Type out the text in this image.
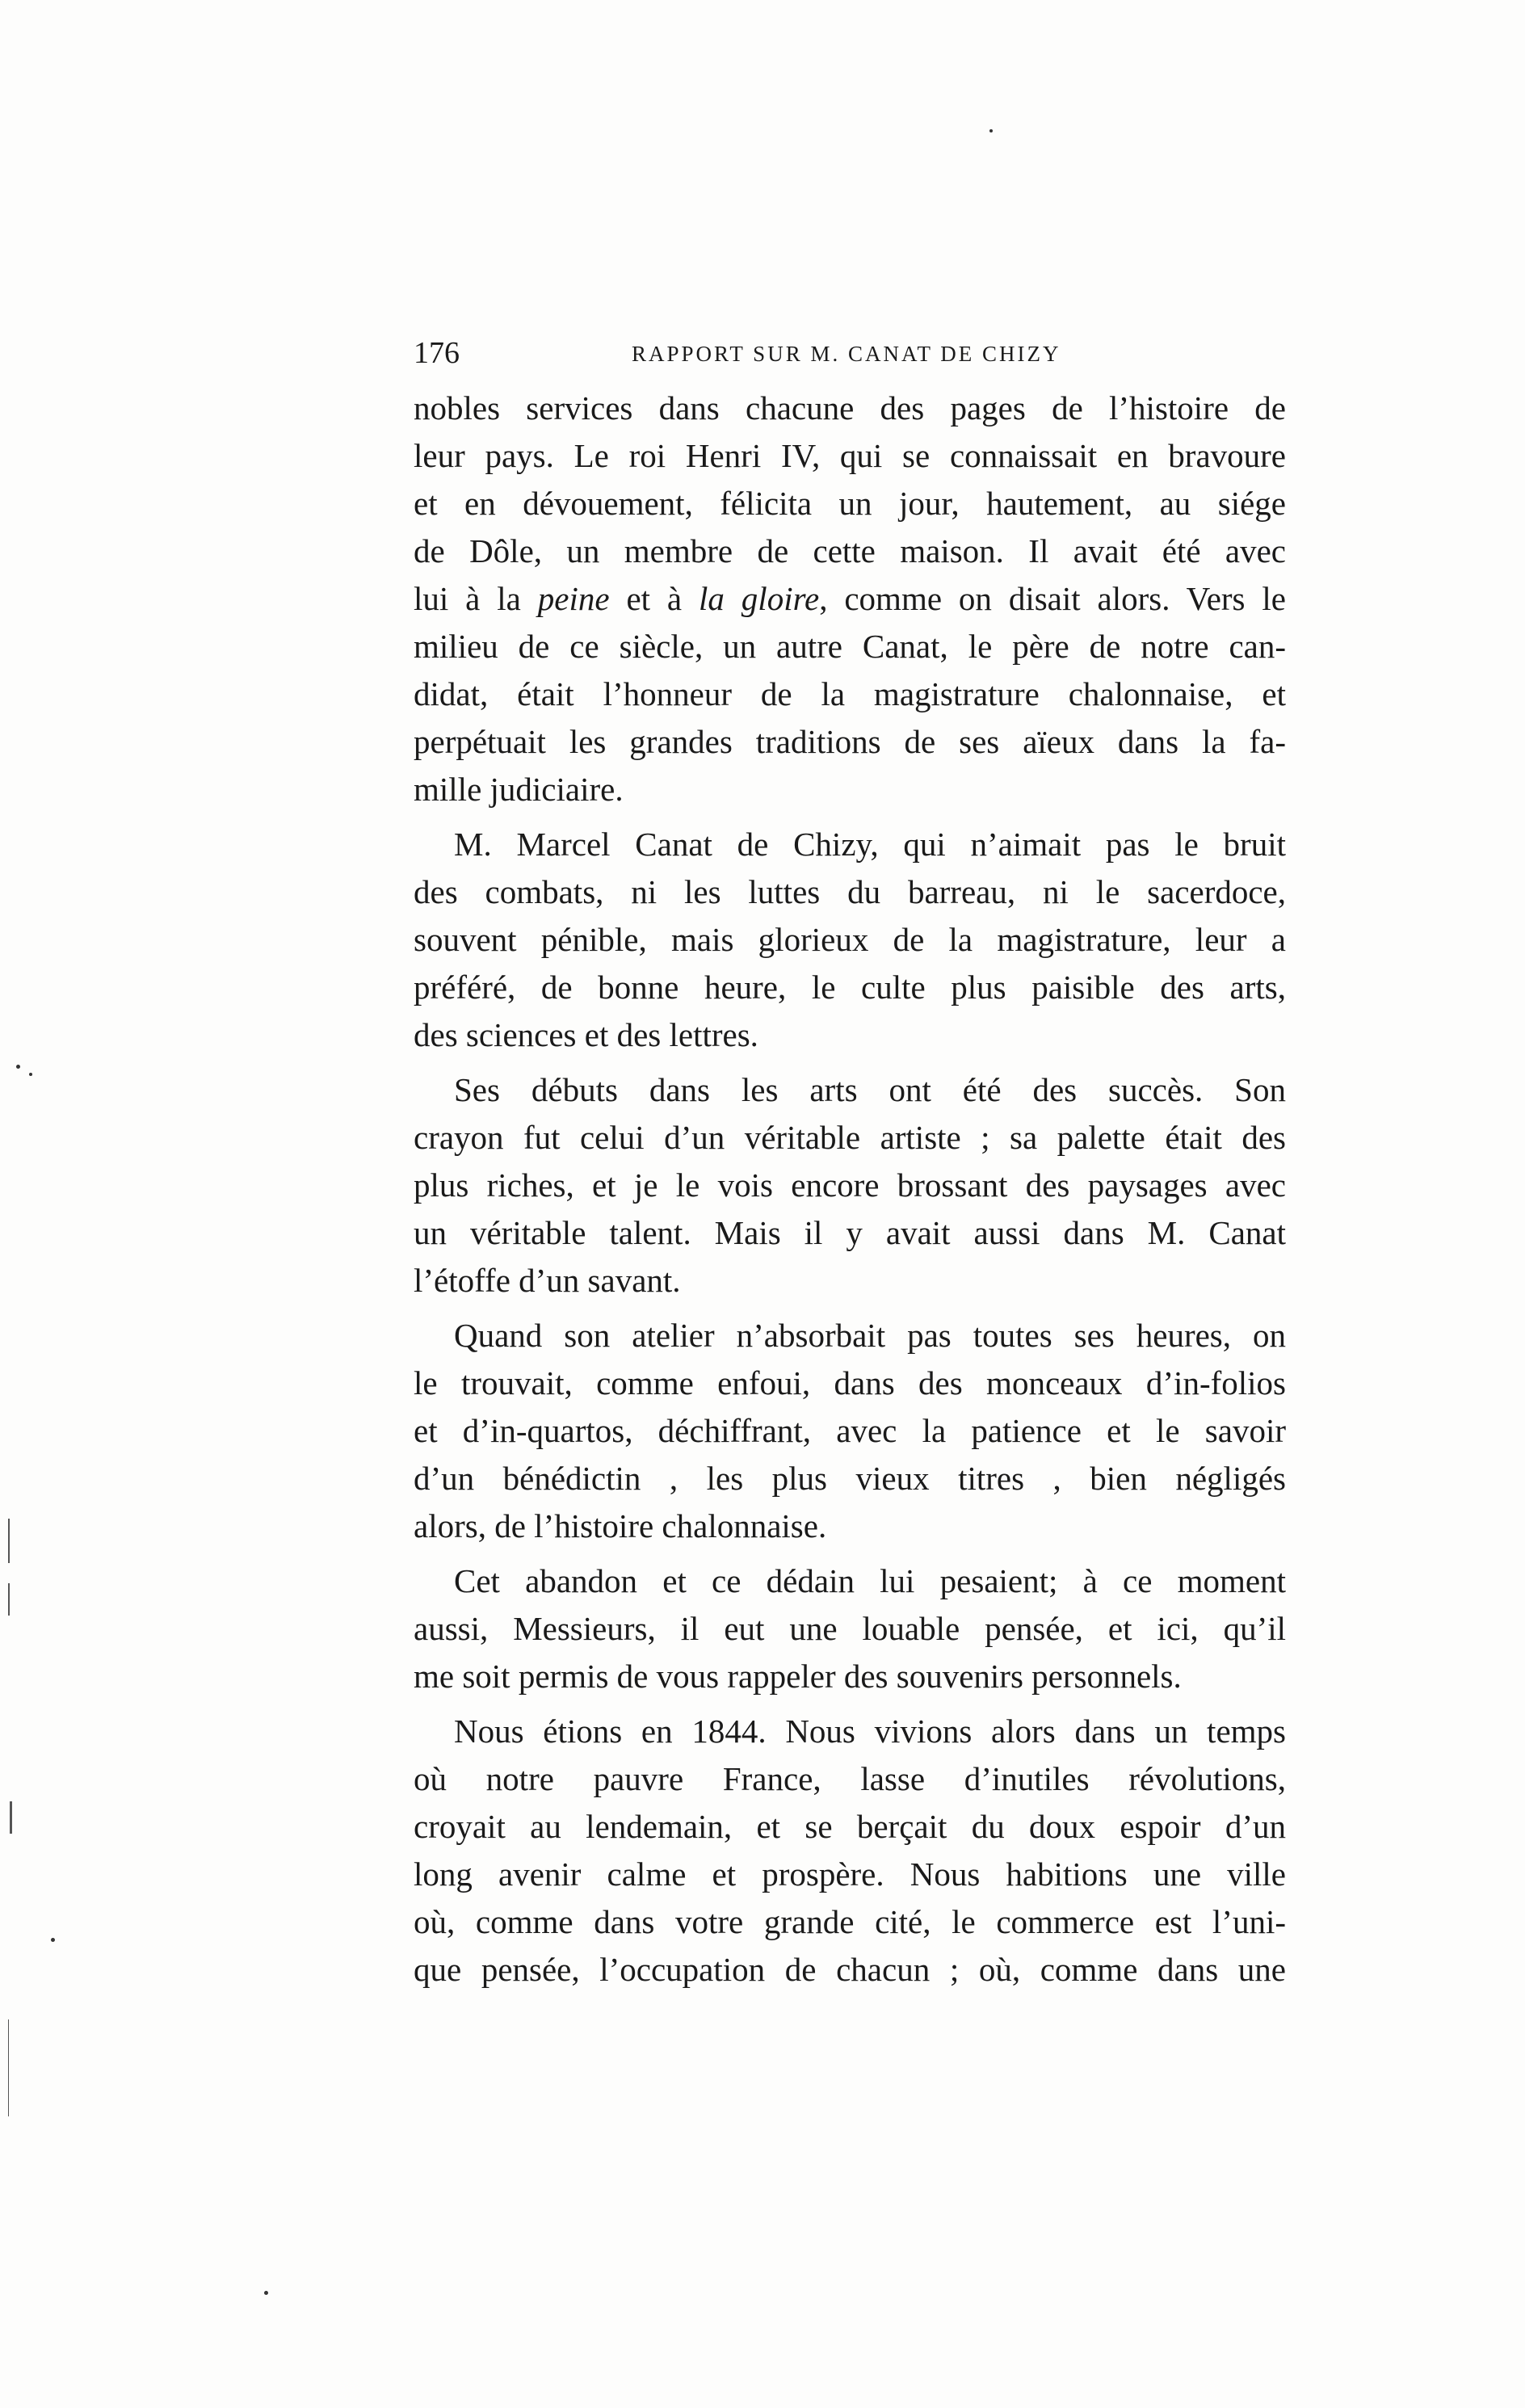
176	RAPPORT SUR M. CANAT DE CHIZY
nobles services dans chacune des pages de l’histoire de
leur pays. Le roi Henri IV, qui se connaissait en bravoure
et en dévouement, félicita un jour, hautement, au siége
de Dôle, un membre de cette maison. Il avait été avec
lui à la peine et à la gloire, comme on disait alors. Vers le
milieu de ce siècle, un autre Canat, le père de notre can-
didat, était l’honneur de la magistrature chalonnaise, et
perpétuait les grandes traditions de ses aïeux dans la fa-
mille judiciaire.
M. Marcel Canat de Chizy, qui n’aimait pas le bruit
des combats, ni les luttes du barreau, ni le sacerdoce,
souvent pénible, mais glorieux de la magistrature, leur a
préféré, de bonne heure, le culte plus paisible des arts,
des sciences et des lettres.
Ses débuts dans les arts ont été des succès. Son
crayon fut celui d’un véritable artiste ; sa palette était des
plus riches, et je le vois encore brossant des paysages avec
un véritable talent. Mais il y avait aussi dans M. Canat
l’étoffe d’un savant.
Quand son atelier n’absorbait pas toutes ses heures, on
le trouvait, comme enfoui, dans des monceaux d’in-folios
et d’in-quartos, déchiffrant, avec la patience et le savoir
d’un bénédictin , les plus vieux titres , bien négligés
alors, de l’histoire chalonnaise.
Cet abandon et ce dédain lui pesaient; à ce moment
aussi, Messieurs, il eut une louable pensée, et ici, qu’il
me soit permis de vous rappeler des souvenirs personnels.
Nous étions en 1844. Nous vivions alors dans un temps
où notre pauvre France, lasse d’inutiles révolutions,
croyait au lendemain, et se berçait du doux espoir d’un
long avenir calme et prospère. Nous habitions une ville
où, comme dans votre grande cité, le commerce est l’uni-
que pensée, l’occupation de chacun ; où, comme dans une
